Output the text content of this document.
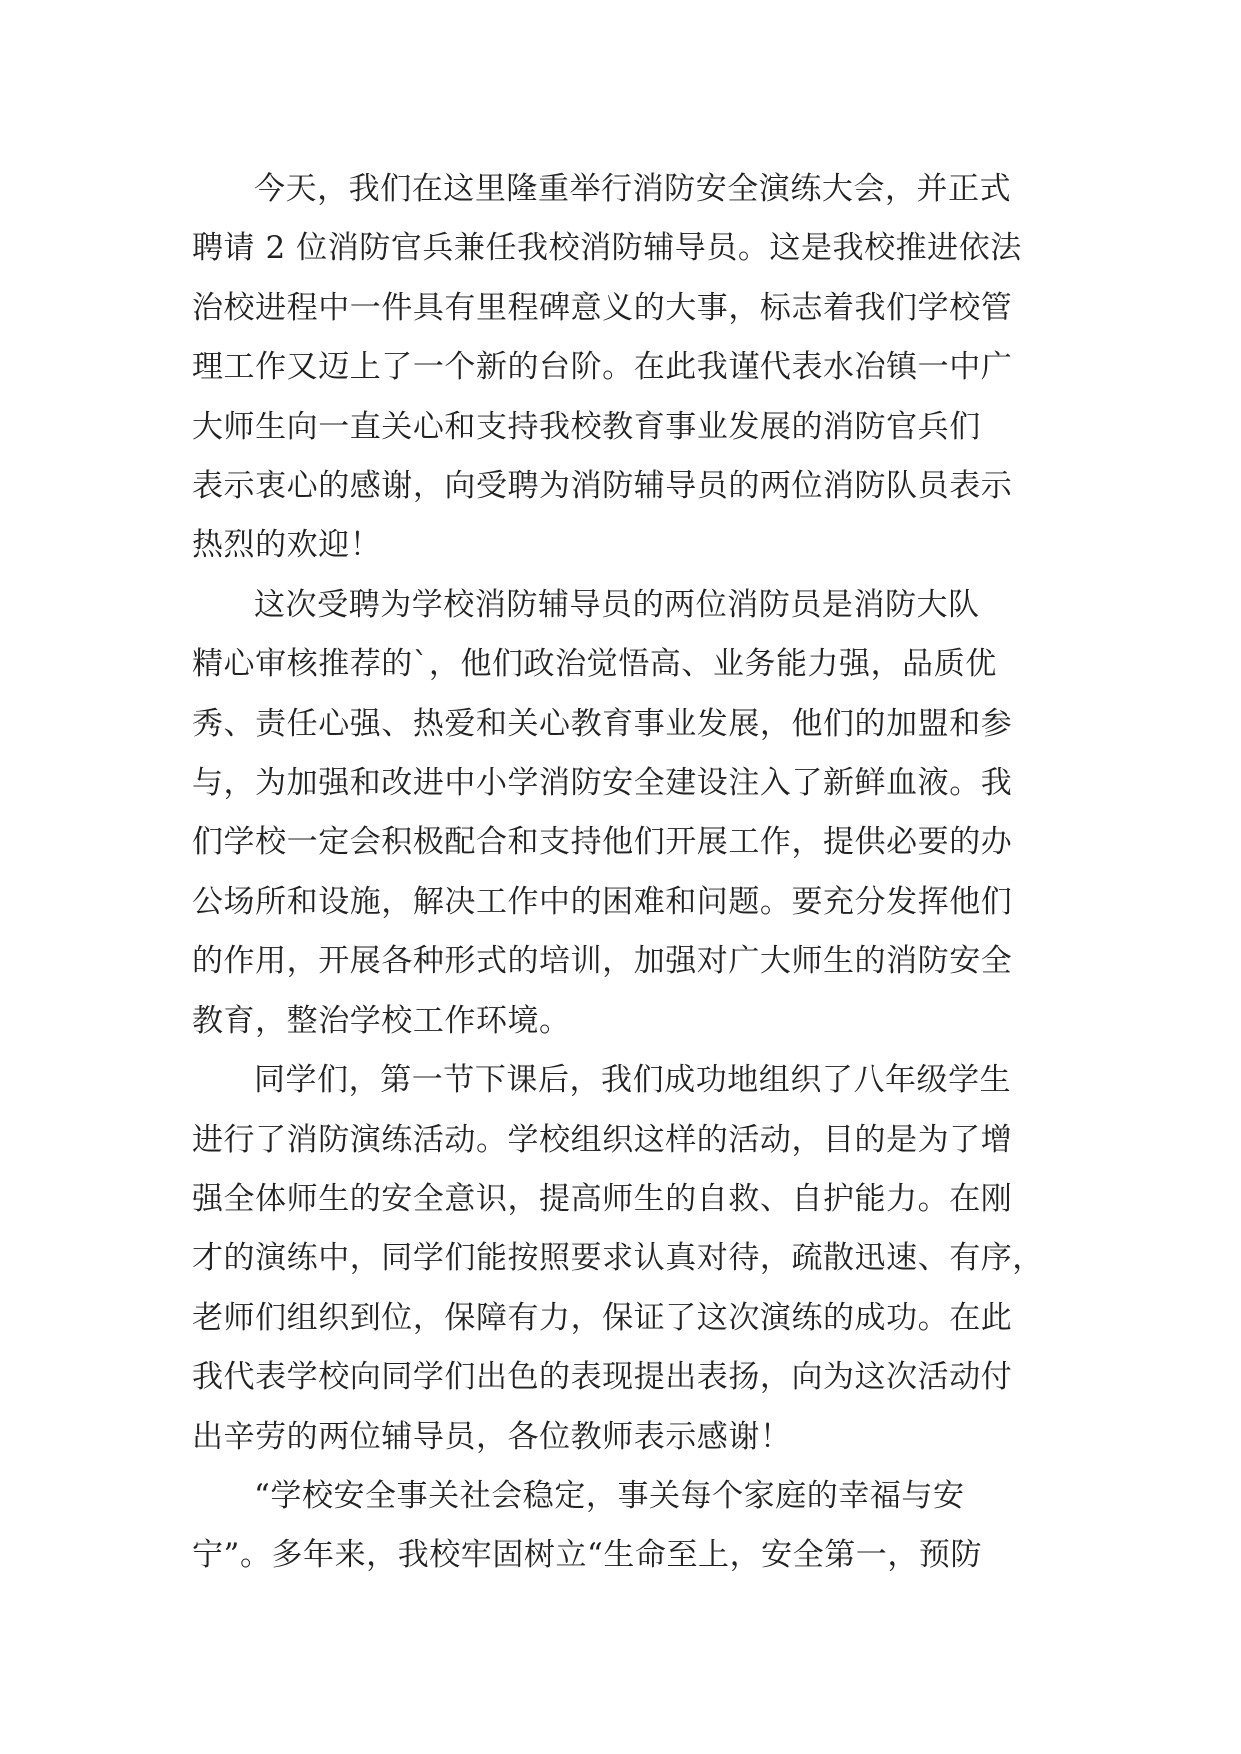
今天，我们在这里隆重举行消防安全演练大会，并正式
聘请 2 位消防官兵兼任我校消防辅导员。这是我校推进依法
治校进程中一件具有里程碑意义的大事，标志着我们学校管
理工作又迈上了一个新的台阶。在此我谨代表水冶镇一中广
大师生向一直关心和支持我校教育事业发展的消防官兵们
表示衷心的感谢，向受聘为消防辅导员的两位消防队员表示
热烈的欢迎！

这次受聘为学校消防辅导员的两位消防员是消防大队
精心审核推荐的`，他们政治觉悟高、业务能力强，品质优
秀、责任心强、热爱和关心教育事业发展，他们的加盟和参
与，为加强和改进中小学消防安全建设注入了新鲜血液。我
们学校一定会积极配合和支持他们开展工作，提供必要的办
公场所和设施，解决工作中的困难和问题。要充分发挥他们
的作用，开展各种形式的培训，加强对广大师生的消防安全
教育，整治学校工作环境。

同学们，第一节下课后，我们成功地组织了八年级学生
进行了消防演练活动。学校组织这样的活动，目的是为了增
强全体师生的安全意识，提高师生的自救、自护能力。在刚
才的演练中，同学们能按照要求认真对待，疏散迅速、有序，
老师们组织到位，保障有力，保证了这次演练的成功。在此
我代表学校向同学们出色的表现提出表扬，向为这次活动付
出辛劳的两位辅导员，各位教师表示感谢！

“学校安全事关社会稳定，事关每个家庭的幸福与安
宁”。多年来，我校牢固树立“生命至上，安全第一，预防
